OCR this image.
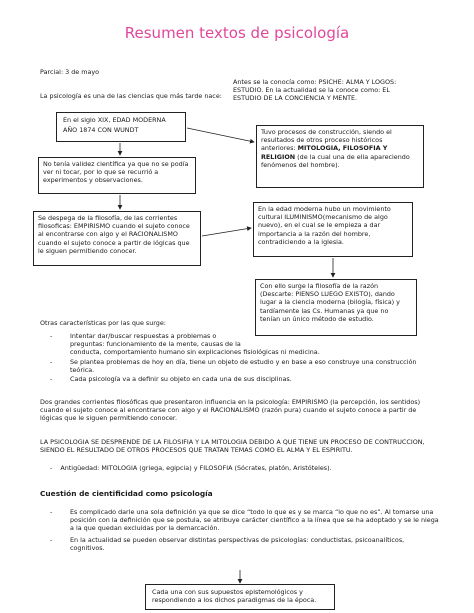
Resumen textos de psicología
Parcial: 3 de mayo
La psicología es una de las ciencias que más tarde nace:
Antes se la conocía como: PSICHE: ALMA Y LOGOS:
ESTUDIO. En la actualidad se la conoce como: EL
ESTUDIO DE LA CONCIENCIA Y MENTE.
En el siglo XIX, EDAD MODERNA
AÑO 1874 CON WUNDT	Tuvo procesos de construcción, siendo el
resultados de otros proceso históricos
anteriores: MITOLOGIA, FILOSOFIA Y
RELIGION (de la cual una de ella apareciendo
fenómenos del hombre).
No tenía validez científica ya que no se podía
ver ni tocar, por lo que se recurrió a
experimentos y observaciones.
Se despega de la filosofía, de las corrientes
filosoficas: EMPIRISMO cuando el sujeto conoce
al encontrarse con algo y el RACIONALISMO
cuando el sujeto conoce a partir de lógicas que
le siguen permitiendo conocer.
En la edad moderna hubo un movimiento
cultural ILUMINISMO(mecanismo de algo
nuevo), en el cual se le empieza a dar
importancia a la razón del hombre,
contradiciendo a la iglesia.
Con ello surge la filosofía de la razón
(Descarte: PIENSO LUEGO EXISTO), dando
lugar a la ciencia moderna (bilogía, física) y
tardíamente las Cs. Humanas ya que no
tenían un único método de estudio.
Otras características por las que surge:
-	Intentar dar/buscar respuestas a problemas o
preguntas: funcionamiento de la mente, causas de la
conducta, comportamiento humano sin explicaciones fisiológicas ni medicina.
-	Se plantea problemas de hoy en día, tiene un objeto de estudio y en base a eso construye una construcción teórica.
-	Cada psicología va a definir su objeto en cada una de sus disciplinas.
Dos grandes corrientes filosóficas que presentaron influencia en la psicología: EMPIRISMO (la percepción, los sentidos)
cuando el sujeto conoce al encontrarse con algo y el RACIONALISMO (razón pura) cuando el sujeto conoce a partir de
lógicas que le siguen permitiendo conocer.
LA PSICOLOGIA SE DESPRENDE DE LA FILOSIFIA Y LA MITOLOGIA DEBIDO A QUE TIENE UN PROCESO DE CONTRUCCION,
SIENDO EL RESULTADO DE OTROS PROCESOS QUE TRATAN TEMAS COMO EL ALMA Y EL ESPIRITU.
- Antigüedad: MITOLOGIA (griega, egipcia) y FILOSOFIA (Sócrates, platón, Aristóteles).
Cuestión de cientificidad como psicología
-	Es complicado darle una sola definición ya que se dice “todo lo que es y se marca “lo que no es”. Al tomarse una
posición con la definición que se postula, se atribuye carácter científico a la línea que se ha adoptado y se le niega
a la que quedan excluidas por la demarcación.
-	En la actualidad se pueden observar distintas perspectivas de psicologías: conductistas, psicoanalíticos,
cognitivos.
Cada una con sus supuestos epistemológicos y
respondiendo a los dichos paradigmas de la época.
